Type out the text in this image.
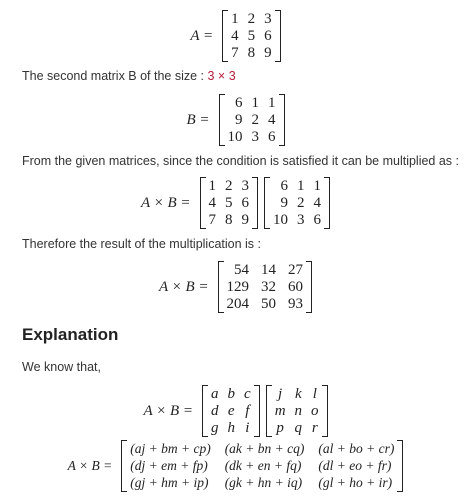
A =
1 2 3
4 5 6
7 8 9
The second matrix B of the size : 3 × 3
B =
6 1 1
9 2 4
10 3 6
From the given matrices, since the condition is satisfied it can be multiplied as :
A × B =
1 2 3
4 5 6
7 8 9
6 1 1
9 2 4
10 3 6
Therefore the result of the multiplication is :
A × B =
54 14 27
129 32 60
204 50 93
Explanation
We know that,
A × B =
a b c
d e f
g h i
j k l
m n o
p q r
A × B =
(aj + bm + cp) (ak + bn + cq) (al + bo + cr)
(dj + em + fp) (dk + en + fq) (dl + eo + fr)
(gj + hm + ip) (gk + hn + iq) (gl + ho + ir)
